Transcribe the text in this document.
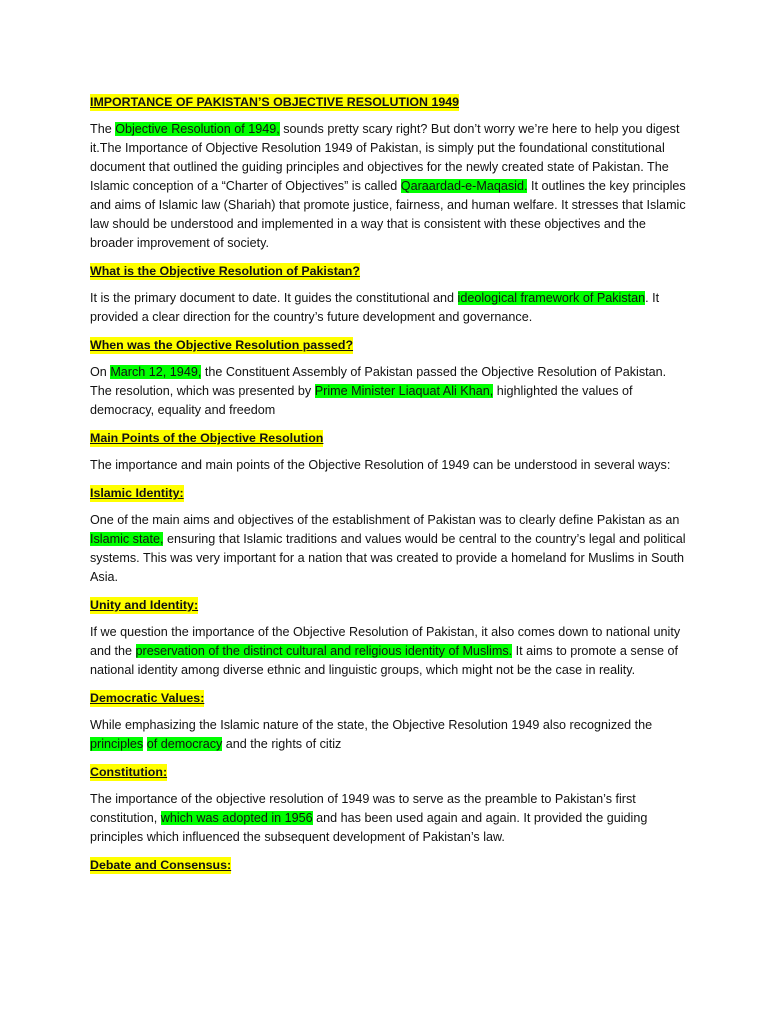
IMPORTANCE OF PAKISTAN’S OBJECTIVE RESOLUTION 1949

The Objective Resolution of 1949, sounds pretty scary right? But don’t worry we’re here to help you digest it.The Importance of Objective Resolution 1949 of Pakistan, is simply put the foundational constitutional document that outlined the guiding principles and objectives for the newly created state of Pakistan. The Islamic conception of a “Charter of Objectives” is called Qaraardad-e-Maqasid. It outlines the key principles and aims of Islamic law (Shariah) that promote justice, fairness, and human welfare. It stresses that Islamic law should be understood and implemented in a way that is consistent with these objectives and the broader improvement of society.

What is the Objective Resolution of Pakistan?

It is the primary document to date. It guides the constitutional and ideological framework of Pakistan. It provided a clear direction for the country’s future development and governance.

When was the Objective Resolution passed?

On March 12, 1949, the Constituent Assembly of Pakistan passed the Objective Resolution of Pakistan. The resolution, which was presented by Prime Minister Liaquat Ali Khan, highlighted the values of democracy, equality and freedom

Main Points of the Objective Resolution

The importance and main points of the Objective Resolution of 1949 can be understood in several ways:

Islamic Identity:

One of the main aims and objectives of the establishment of Pakistan was to clearly define Pakistan as an Islamic state, ensuring that Islamic traditions and values would be central to the country’s legal and political systems. This was very important for a nation that was created to provide a homeland for Muslims in South Asia.

Unity and Identity:

If we question the importance of the Objective Resolution of Pakistan, it also comes down to national unity and the preservation of the distinct cultural and religious identity of Muslims. It aims to promote a sense of national identity among diverse ethnic and linguistic groups, which might not be the case in reality.

Democratic Values:

While emphasizing the Islamic nature of the state, the Objective Resolution 1949 also recognized the principles of democracy and the rights of citiz

Constitution:

The importance of the objective resolution of 1949 was to serve as the preamble to Pakistan’s first constitution, which was adopted in 1956 and has been used again and again. It provided the guiding principles which influenced the subsequent development of Pakistan’s law.

Debate and Consensus:
